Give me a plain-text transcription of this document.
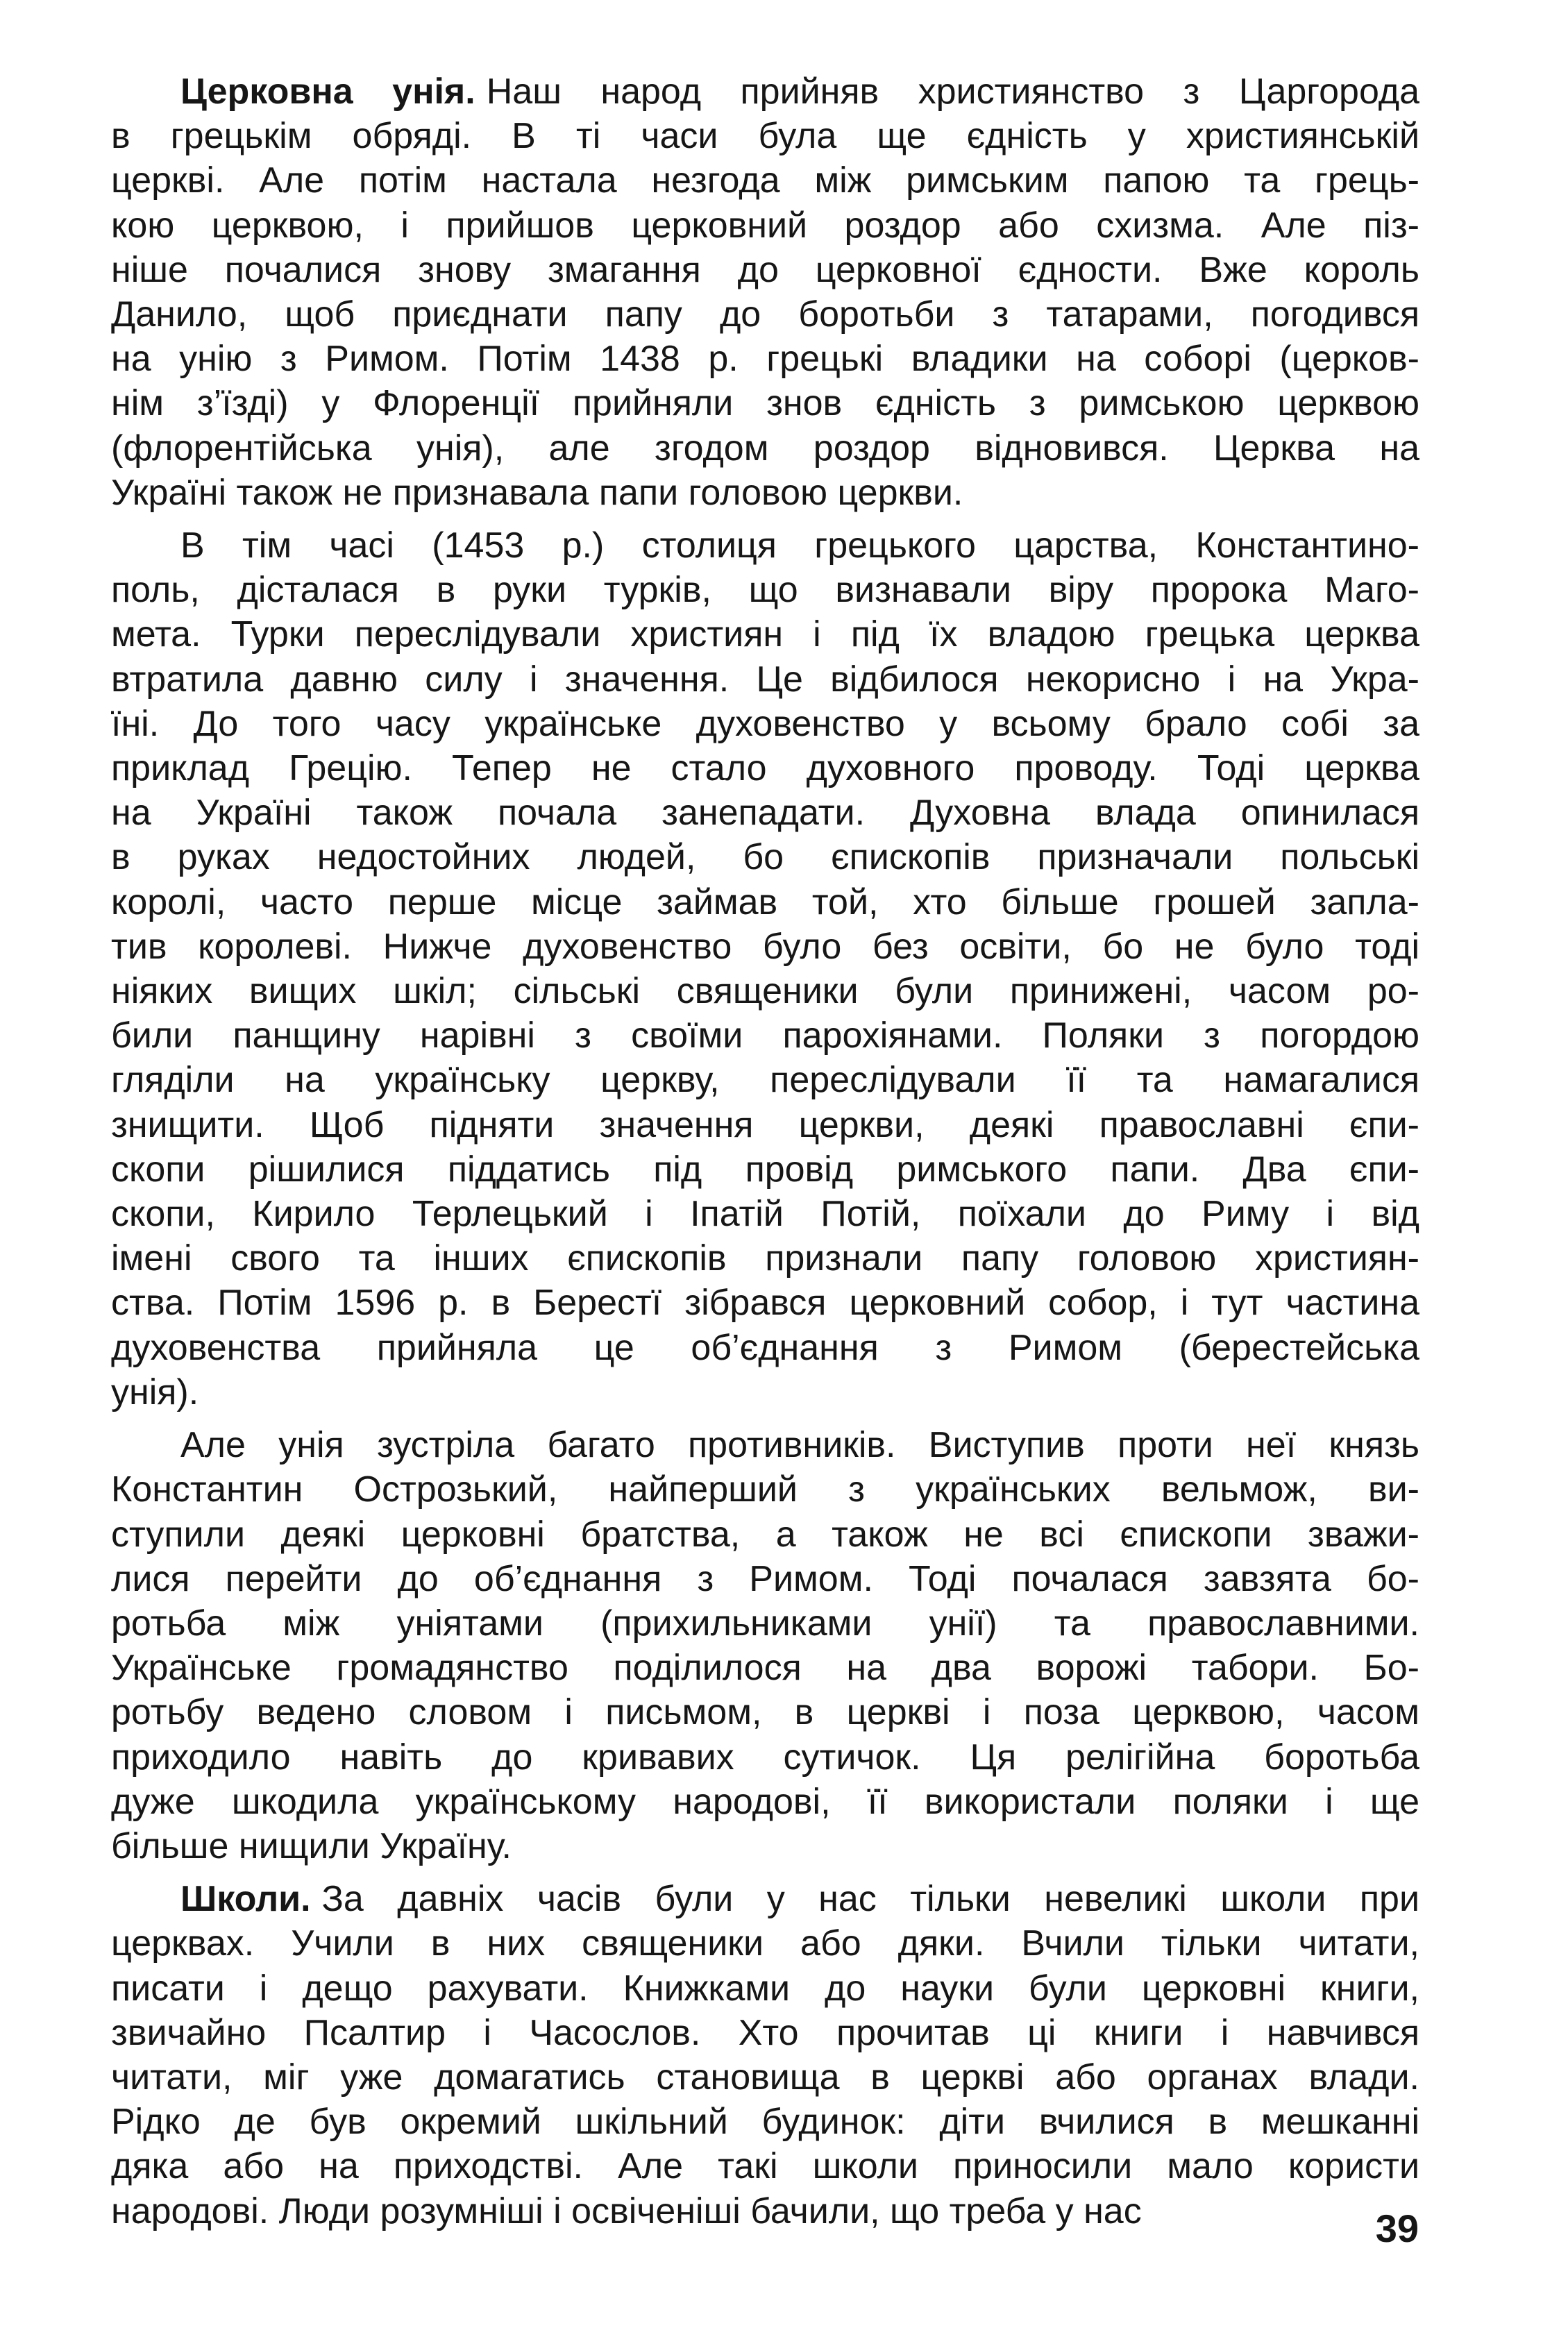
Церковна унія. Наш народ прийняв християнство з Царгорода
в грецькім обряді. В ті часи була ще єдність у християнській
церкві. Але потім настала незгода між римським папою та грець-
кою церквою, і прийшов церковний роздор або схизма. Але піз-
ніше почалися знову змагання до церковної єдности. Вже король
Данило, щоб приєднати папу до боротьби з татарами, погодився
на унію з Римом. Потім 1438 р. грецькі владики на соборі (церков-
нім з’їзді) у Флоренції прийняли знов єдність з римською церквою
(флорентійська унія), але згодом роздор відновився. Церква на
Україні також не признавала папи головою церкви.
В тім часі (1453 р.) столиця грецького царства, Константино-
поль, дісталася в руки турків, що визнавали віру пророка Маго-
мета. Турки переслідували християн і під їх владою грецька церква
втратила давню силу і значення. Це відбилося некорисно і на Укра-
їні. До того часу українське духовенство у всьому брало собі за
приклад Грецію. Тепер не стало духовного проводу. Тоді церква
на Україні також почала занепадати. Духовна влада опинилася
в руках недостойних людей, бо єпископів призначали польські
королі, часто перше місце займав той, хто більше грошей запла-
тив королеві. Нижче духовенство було без освіти, бо не було тоді
ніяких вищих шкіл; сільські священики були принижені, часом ро-
били панщину нарівні з своїми парохіянами. Поляки з погордою
гляділи на українську церкву, переслідували її та намагалися
знищити. Щоб підняти значення церкви, деякі православні єпи-
скопи рішилися піддатись під провід римського папи. Два єпи-
скопи, Кирило Терлецький і Іпатій Потій, поїхали до Риму і від
імені свого та інших єпископів признали папу головою християн-
ства. Потім 1596 р. в Берестї зібрався церковний собор, і тут частина
духовенства прийняла це об’єднання з Римом (берестейська
унія).
Але унія зустріла багато противників. Виступив проти неї князь
Константин Острозький, найперший з українських вельмож, ви-
ступили деякі церковні братства, а також не всі єпископи зважи-
лися перейти до об’єднання з Римом. Тоді почалася завзята бо-
ротьба між уніятами (прихильниками унії) та православними.
Українське громадянство поділилося на два ворожі табори. Бо-
ротьбу ведено словом і письмом, в церкві і поза церквою, часом
приходило навіть до кривавих сутичок. Ця релігійна боротьба
дуже шкодила українському народові, її використали поляки і ще
більше нищили Україну.
Школи. За давніх часів були у нас тільки невеликі школи при
церквах. Учили в них священики або дяки. Вчили тільки читати,
писати і дещо рахувати. Книжками до науки були церковні книги,
звичайно Псалтир і Часослов. Хто прочитав ці книги і навчився
читати, міг уже домагатись становища в церкві або органах влади.
Рідко де був окремий шкільний будинок: діти вчилися в мешканні
дяка або на приходстві. Але такі школи приносили мало користи
народові. Люди розумніші і освіченіші бачили, що треба у нас	39
